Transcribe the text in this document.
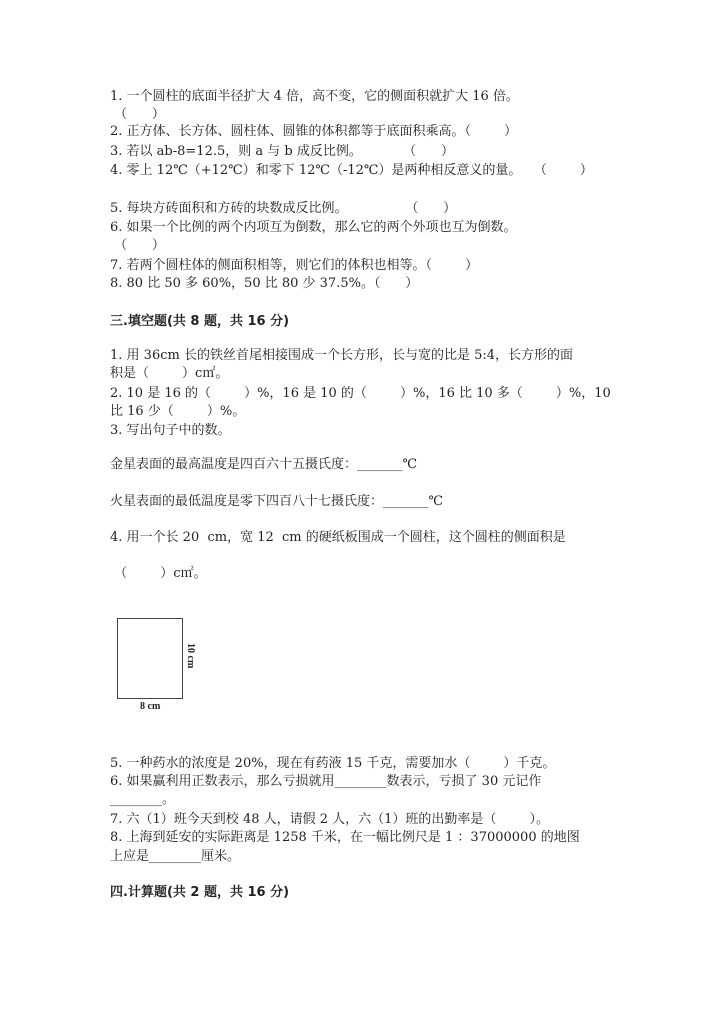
1. 一个圆柱的底面半径扩大 4 倍，高不变，它的侧面积就扩大 16 倍。
（      ）
2. 正方体、长方体、圆柱体、圆锥的体积都等于底面积乘高。（        ）
3. 若以 ab-8=12.5，则 a 与 b 成反比例。          （      ）
4. 零上 12℃（+12℃）和零下 12℃（-12℃）是两种相反意义的量。   （        ）
5. 每块方砖面积和方砖的块数成反比例。              （      ）
6. 如果一个比例的两个内项互为倒数，那么它的两个外项也互为倒数。
（      ）
7. 若两个圆柱体的侧面积相等，则它们的体积也相等。（        ）
8. 80 比 50 多 60%，50 比 80 少 37.5%。（      ）
三.填空题(共 8 题，共 16 分)
1. 用 36cm 长的铁丝首尾相接围成一个长方形，长与宽的比是 5:4，长方形的面
积是（        ）c㎡。
2. 10 是 16 的（        ）%，16 是 10 的（        ）%，16 比 10 多（        ）%，10
比 16 少（        ）%。
3. 写出句子中的数。
金星表面的最高温度是四百六十五摄氏度：_______℃
火星表面的最低温度是零下四百八十七摄氏度：_______℃
4. 用一个长 20  cm，宽 12  cm 的硬纸板围成一个圆柱，这个圆柱的侧面积是
（        ）c㎡。
10 cm
8 cm
5. 一种药水的浓度是 20%，现在有药液 15 千克，需要加水（        ）千克。
6. 如果赢利用正数表示，那么亏损就用________数表示，亏损了 30 元记作
________。
7. 六（1）班今天到校 48 人，请假 2 人，六（1）班的出勤率是（        ）。
8. 上海到延安的实际距离是 1258 千米，在一幅比例尺是 1 ：37000000 的地图
上应是________厘米。
四.计算题(共 2 题，共 16 分)
